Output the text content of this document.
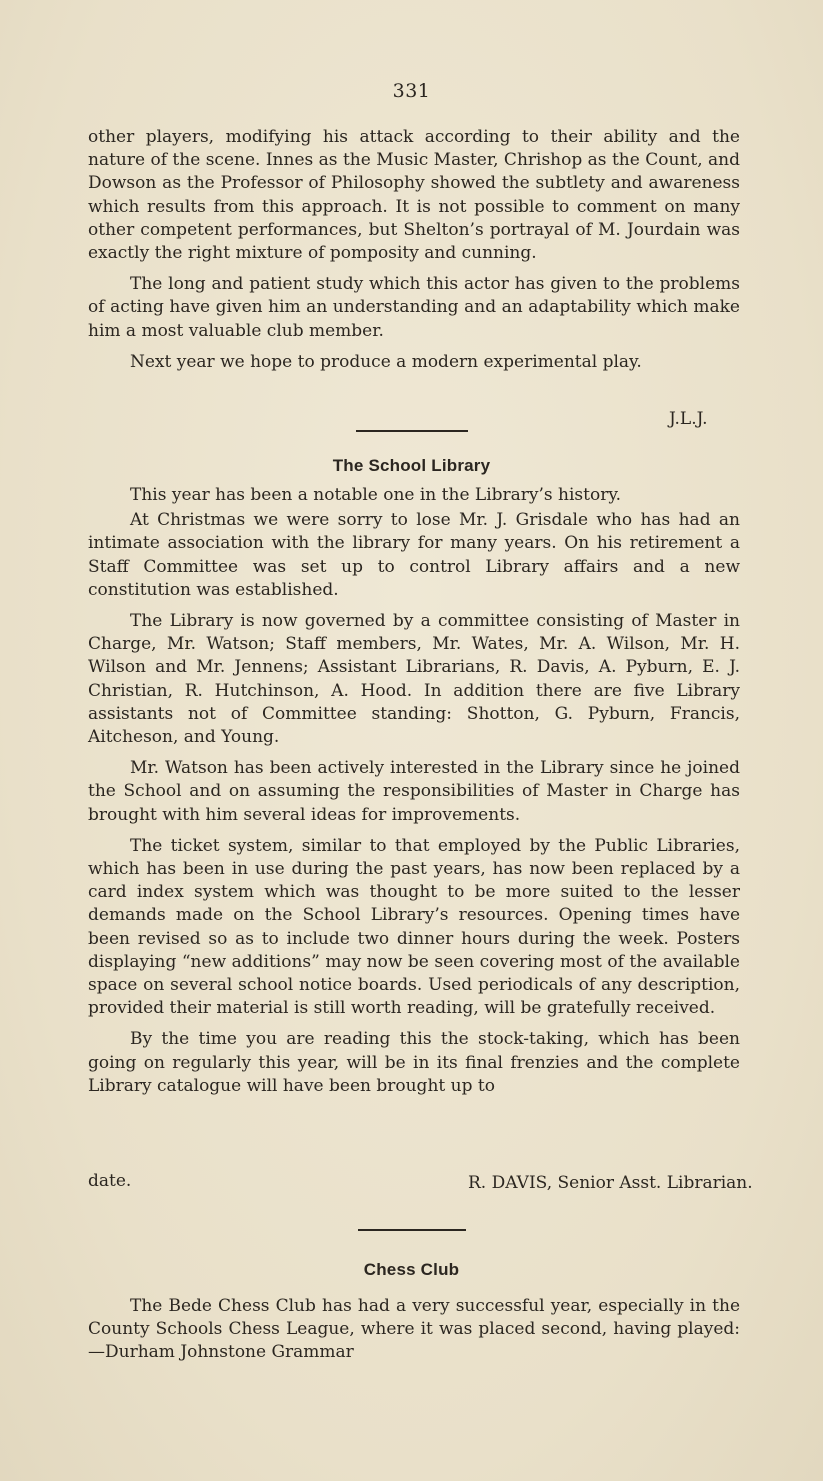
331

other players, modifying his attack according to their ability and the nature of the scene. Innes as the Music Master, Chrishop as the Count, and Dowson as the Professor of Philosophy showed the subtlety and awareness which results from this approach. It is not possible to comment on many other competent performances, but Shelton’s portrayal of M. Jourdain was exactly the right mixture of pomposity and cunning.

The long and patient study which this actor has given to the problems of acting have given him an understanding and an adaptability which make him a most valuable club member.

Next year we hope to produce a modern experimental play.

J.L.J.
The School Library

This year has been a notable one in the Library’s history.

At Christmas we were sorry to lose Mr. J. Grisdale who has had an intimate association with the library for many years. On his retirement a Staff Committee was set up to control Library affairs and a new constitution was established.

The Library is now governed by a committee consisting of Master in Charge, Mr. Watson; Staff members, Mr. Wates, Mr. A. Wilson, Mr. H. Wilson and Mr. Jennens; Assistant Librarians, R. Davis, A. Pyburn, E. J. Christian, R. Hutchinson, A. Hood. In addition there are five Library assistants not of Committee standing: Shotton, G. Pyburn, Francis, Aitcheson, and Young.

Mr. Watson has been actively interested in the Library since he joined the School and on assuming the responsibilities of Master in Charge has brought with him several ideas for improvements.

The ticket system, similar to that employed by the Public Libraries, which has been in use during the past years, has now been replaced by a card index system which was thought to be more suited to the lesser demands made on the School Library’s resources. Opening times have been revised so as to include two dinner hours during the week. Posters displaying “new additions” may now be seen covering most of the available space on several school notice boards. Used periodicals of any description, provided their material is still worth reading, will be gratefully received.

By the time you are reading this the stock-taking, which has been going on regularly this year, will be in its final frenzies and the complete Library catalogue will have been brought up to

date.	R. DAVIS, Senior Asst. Librarian.
Chess Club

The Bede Chess Club has had a very successful year, especially in the County Schools Chess League, where it was placed second, having played:—Durham Johnstone Grammar
